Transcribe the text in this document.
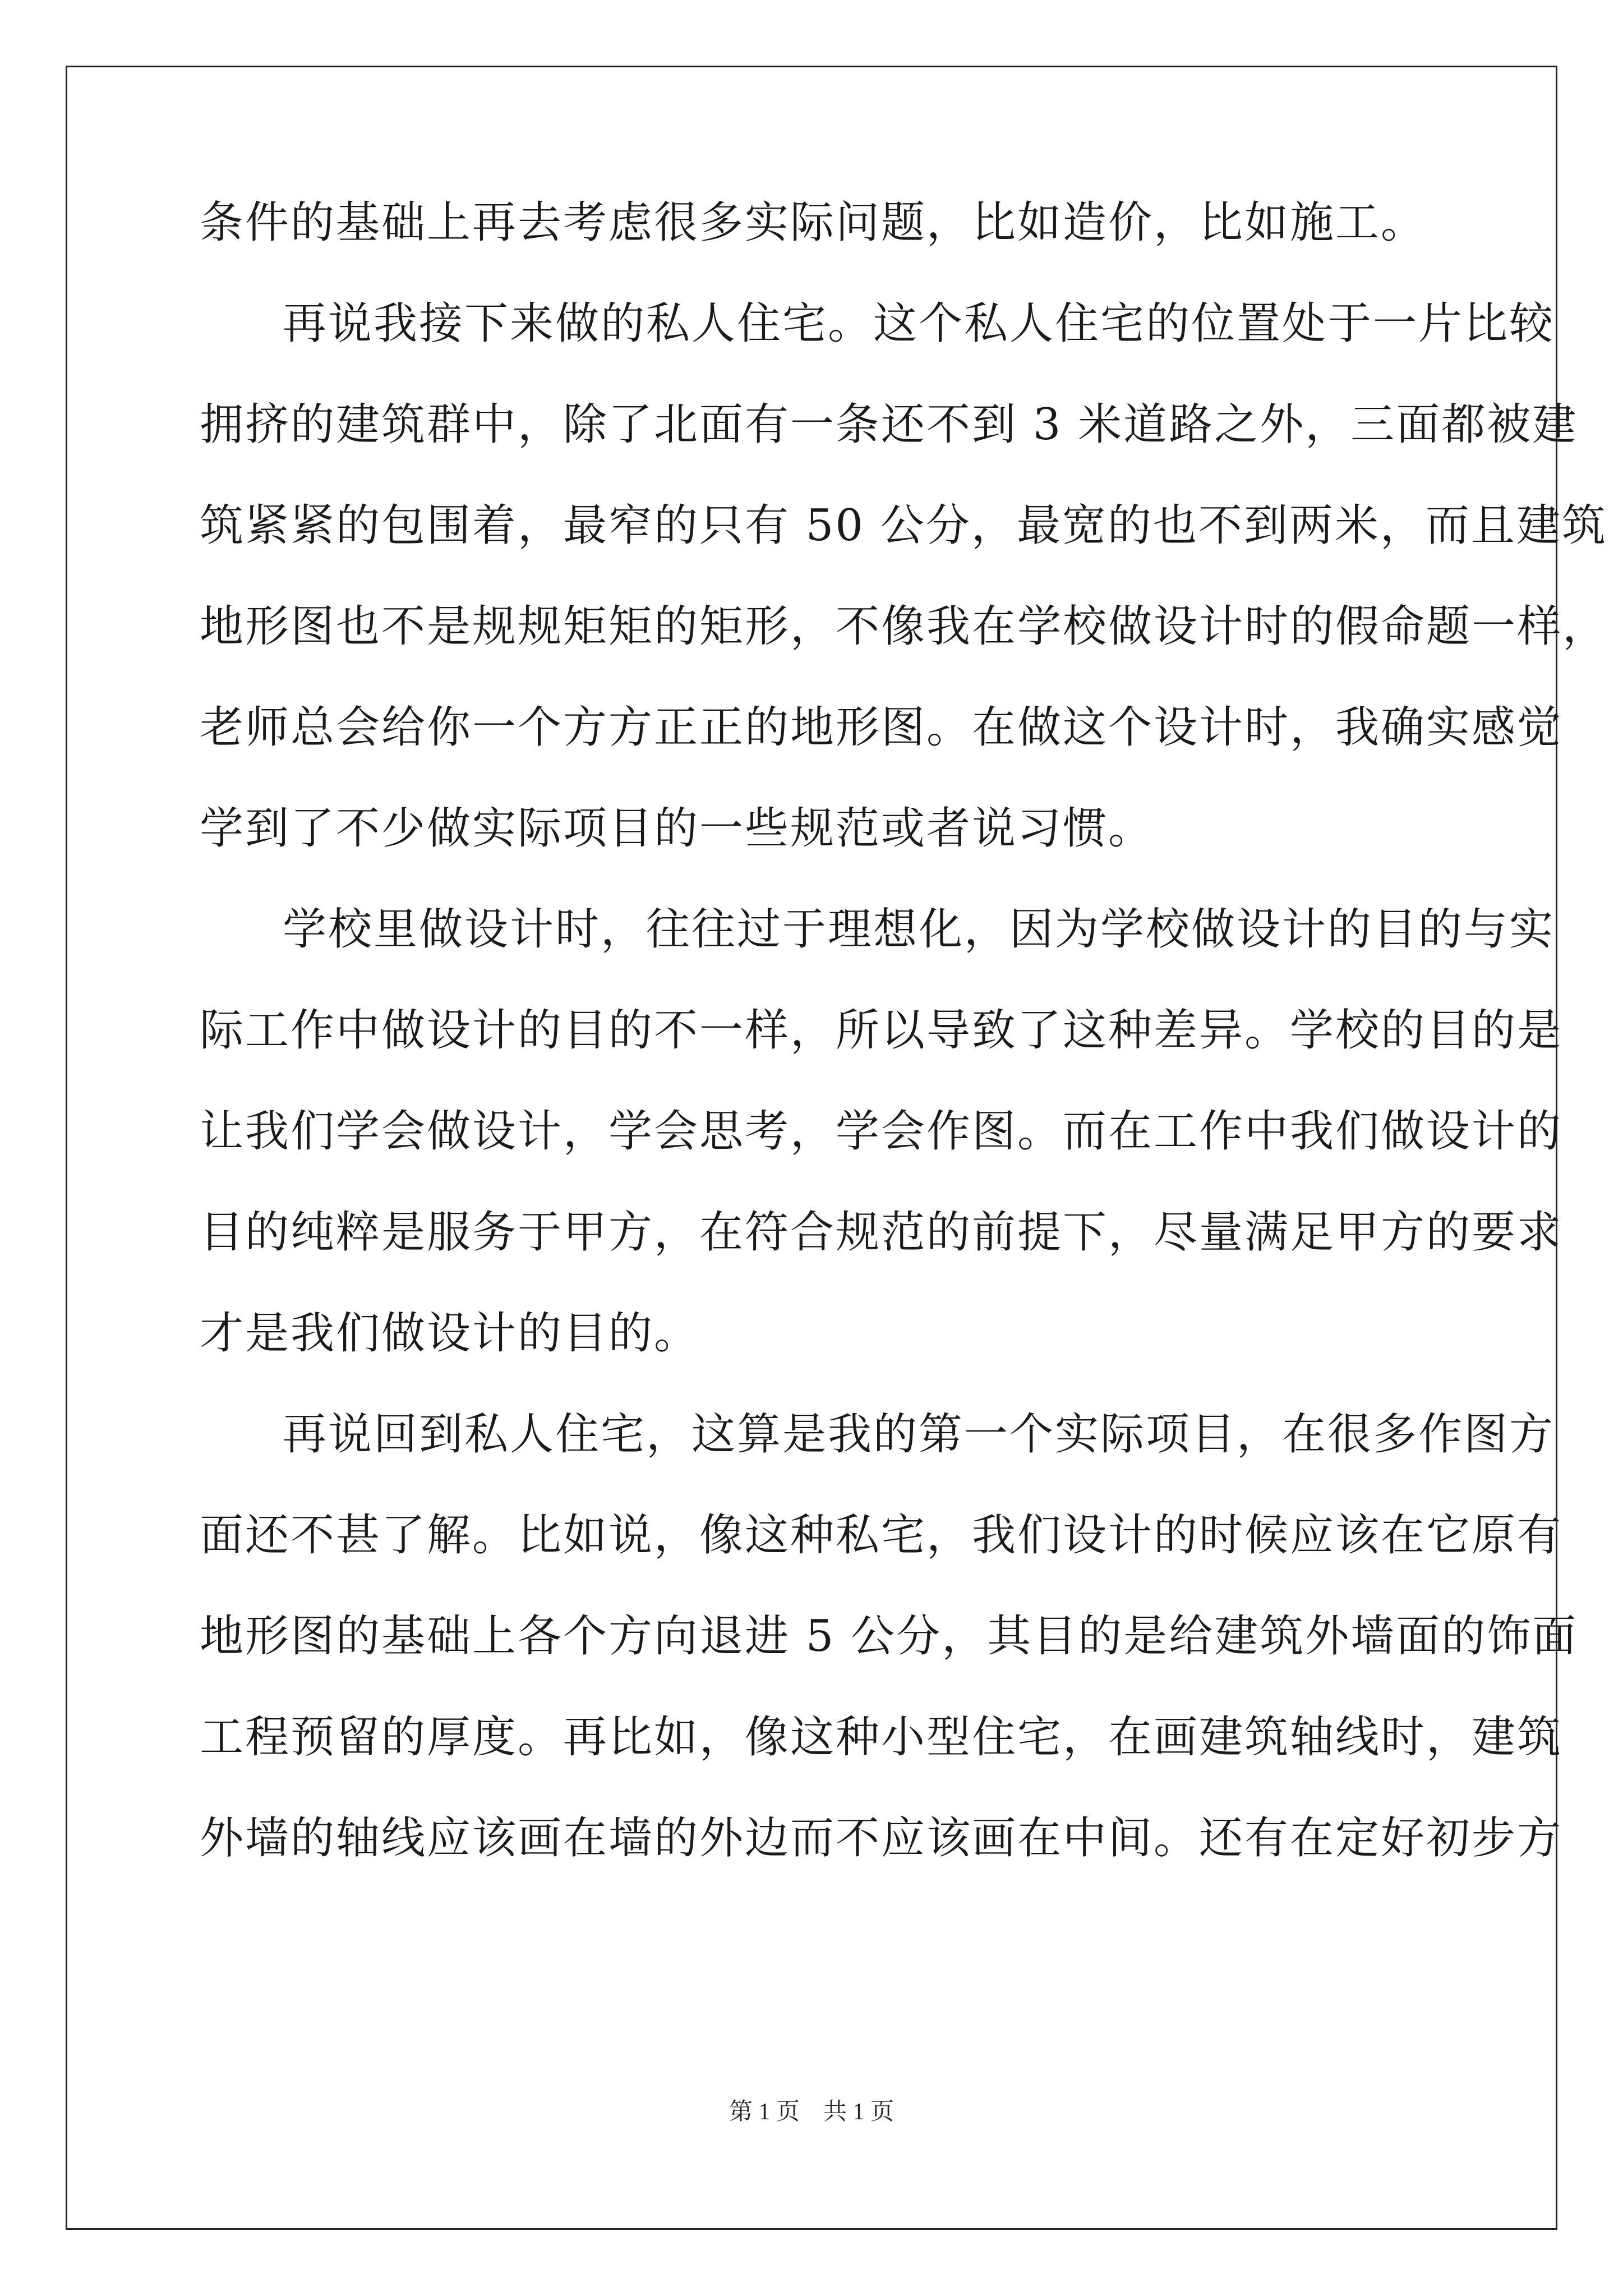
条件的基础上再去考虑很多实际问题，比如造价，比如施工。
再说我接下来做的私人住宅。这个私人住宅的位置处于一片比较
拥挤的建筑群中，除了北面有一条还不到 3 米道路之外，三面都被建
筑紧紧的包围着，最窄的只有 50 公分，最宽的也不到两米，而且建筑
地形图也不是规规矩矩的矩形，不像我在学校做设计时的假命题一样，
老师总会给你一个方方正正的地形图。在做这个设计时，我确实感觉
学到了不少做实际项目的一些规范或者说习惯。
学校里做设计时，往往过于理想化，因为学校做设计的目的与实
际工作中做设计的目的不一样，所以导致了这种差异。学校的目的是
让我们学会做设计，学会思考，学会作图。而在工作中我们做设计的
目的纯粹是服务于甲方，在符合规范的前提下，尽量满足甲方的要求
才是我们做设计的目的。
再说回到私人住宅，这算是我的第一个实际项目，在很多作图方
面还不甚了解。比如说，像这种私宅，我们设计的时候应该在它原有
地形图的基础上各个方向退进 5 公分，其目的是给建筑外墙面的饰面
工程预留的厚度。再比如，像这种小型住宅，在画建筑轴线时，建筑
外墙的轴线应该画在墙的外边而不应该画在中间。还有在定好初步方
第 1 页　共 1 页
